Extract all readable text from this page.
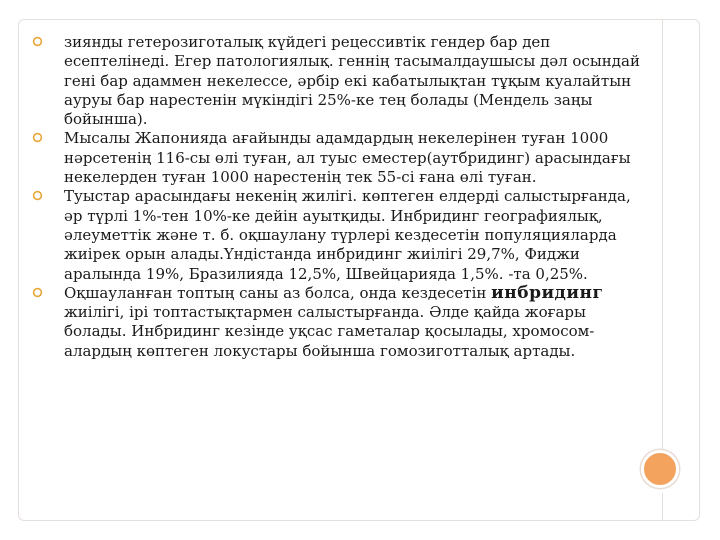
зиянды гетерозиготалық күйдегі рецессивтік гендер бар деп есептелінеді. Егер патологиялық. геннің тасымалдаушысы дәл осындай гені бар адаммен некелессе, әрбір екі кабатылықтан тұқым куалайтын ауруы бар нарестенін мүкіндігі 25%-ке тең болады (Мендель заңы бойынша).
Мысалы Жапонияда ағайынды адамдардың некелерінен туған 1000 нәрсетенің 116-сы өлі туған, ал туыс еместер(аутбридинг) арасындағы некелерден туған 1000 нарестенің тек 55-сі ғана өлі туған.
Туыстар арасындағы некенің жилігі. көптеген елдерді салыстырғанда, әр түрлі 1%-тен 10%-ке дейін ауытқиды. Инбридинг географиялық, әлеуметтік және т. б. оқшаулану түрлері кездесетін популяцияларда жиірек орын алады.Үндістанда инбридинг жиілігі 29,7%, Фиджи аралында 19%, Бразилияда 12,5%, Швейцарияда 1,5%. -та 0,25%.
Оқшауланған топтың саны аз болса, онда кездесетін инбридинг жиілігі, ірі топтастықтармен салыстырғанда. Әлде қайда жоғары болады. Инбридинг кезінде уқсас гаметалар қосылады, хромосом- алардың көптеген локустары бойынша гомозиготталық артады.
